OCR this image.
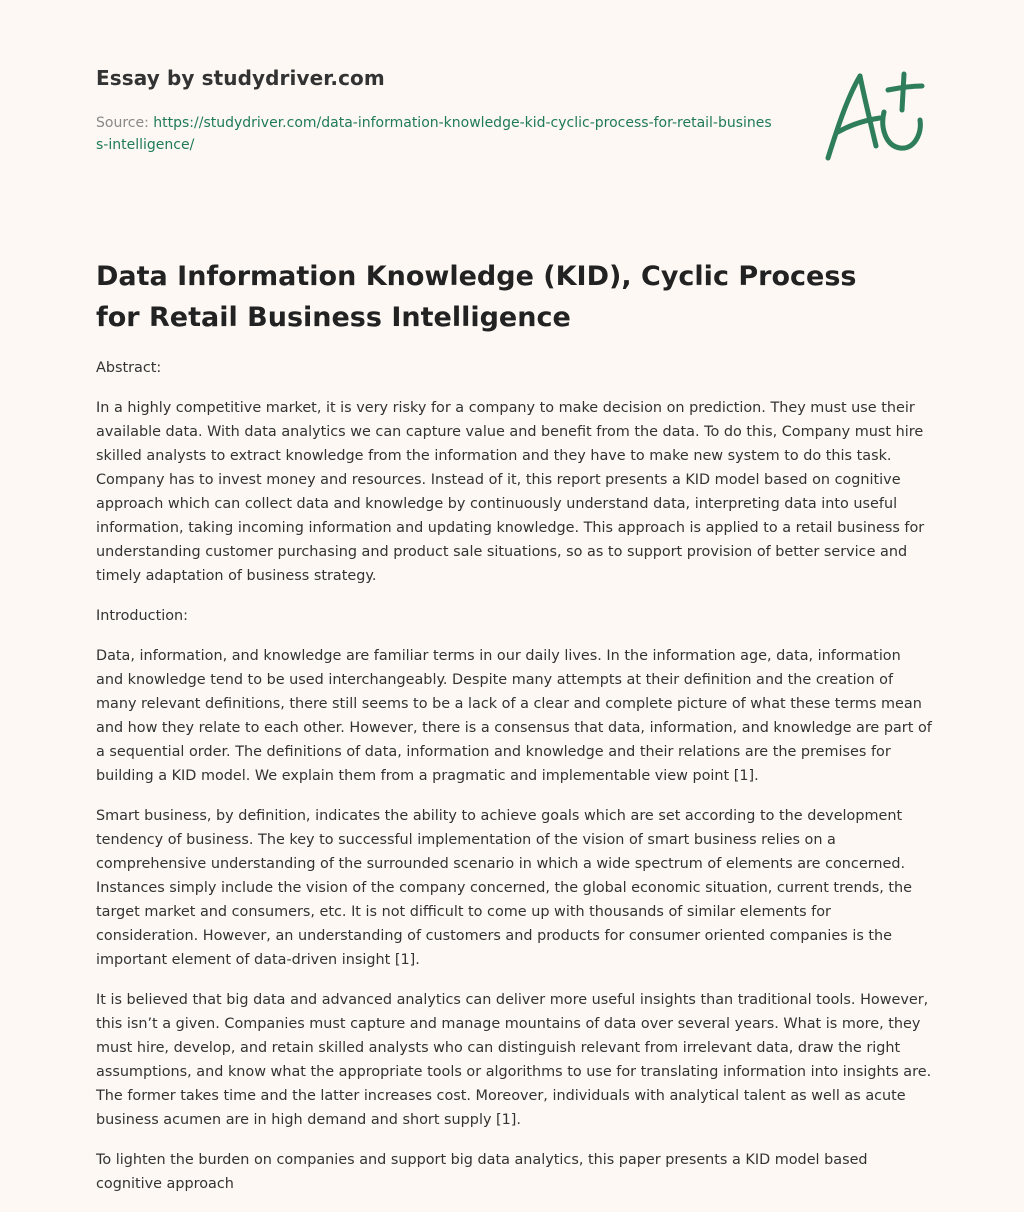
Essay by studydriver.com

Source: https://studydriver.com/data-information-knowledge-kid-cyclic-process-for-retail-business-intelligence/

Data Information Knowledge (KID), Cyclic Process for Retail Business Intelligence

Abstract:

In a highly competitive market, it is very risky for a company to make decision on prediction. They must use their available data. With data analytics we can capture value and benefit from the data. To do this, Company must hire skilled analysts to extract knowledge from the information and they have to make new system to do this task. Company has to invest money and resources. Instead of it, this report presents a KID model based on cognitive approach which can collect data and knowledge by continuously understand data, interpreting data into useful information, taking incoming information and updating knowledge. This approach is applied to a retail business for understanding customer purchasing and product sale situations, so as to support provision of better service and timely adaptation of business strategy.

Introduction:

Data, information, and knowledge are familiar terms in our daily lives. In the information age, data, information and knowledge tend to be used interchangeably. Despite many attempts at their definition and the creation of many relevant definitions, there still seems to be a lack of a clear and complete picture of what these terms mean and how they relate to each other. However, there is a consensus that data, information, and knowledge are part of a sequential order. The definitions of data, information and knowledge and their relations are the premises for building a KID model. We explain them from a pragmatic and implementable view point [1].

Smart business, by definition, indicates the ability to achieve goals which are set according to the development tendency of business. The key to successful implementation of the vision of smart business relies on a comprehensive understanding of the surrounded scenario in which a wide spectrum of elements are concerned. Instances simply include the vision of the company concerned, the global economic situation, current trends, the target market and consumers, etc. It is not difficult to come up with thousands of similar elements for consideration. However, an understanding of customers and products for consumer oriented companies is the important element of data-driven insight [1].

It is believed that big data and advanced analytics can deliver more useful insights than traditional tools. However, this isn’t a given. Companies must capture and manage mountains of data over several years. What is more, they must hire, develop, and retain skilled analysts who can distinguish relevant from irrelevant data, draw the right assumptions, and know what the appropriate tools or algorithms to use for translating information into insights are. The former takes time and the latter increases cost. Moreover, individuals with analytical talent as well as acute business acumen are in high demand and short supply [1].

To lighten the burden on companies and support big data analytics, this paper presents a KID model based cognitive approach
